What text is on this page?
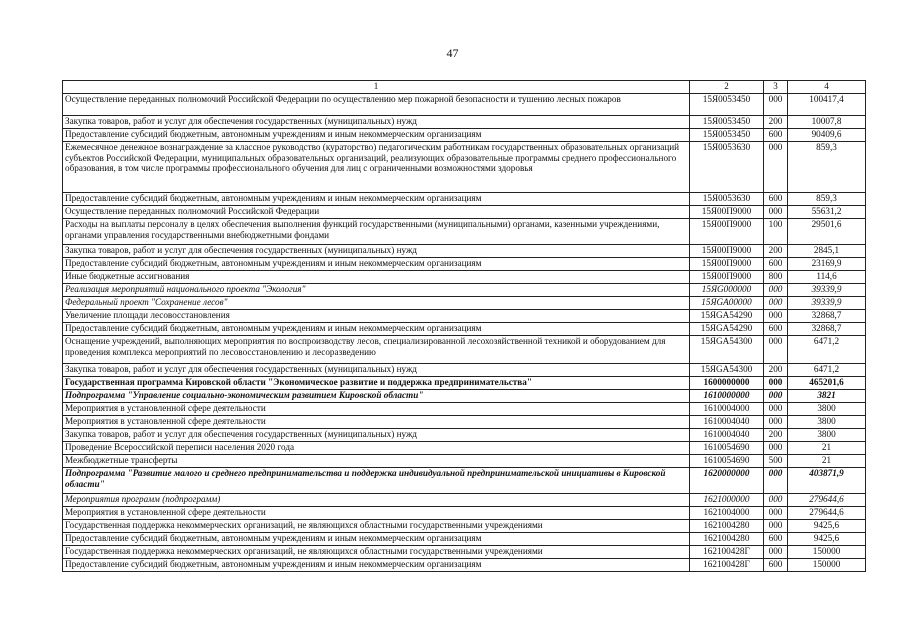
47
1	2	3	4
Осуществление переданных полномочий Российской Федерации по осуществлению мер пожарной безопасности и тушению лесных пожаров	15Я0053450	000	100417,4
Закупка товаров, работ и услуг для обеспечения государственных (муниципальных) нужд	15Я0053450	200	10007,8
Предоставление субсидий бюджетным, автономным учреждениям и иным некоммерческим организациям	15Я0053450	600	90409,6
Ежемесячное денежное вознаграждение за классное руководство (кураторство) педагогическим работникам государственных образовательных организаций субъектов Российской Федерации, муниципальных образовательных организаций, реализующих образовательные программы среднего профессионального образования, в том числе программы профессионального обучения для лиц с ограниченными возможностями здоровья	15Я0053630	000	859,3
Предоставление субсидий бюджетным, автономным учреждениям и иным некоммерческим организациям	15Я0053630	600	859,3
Осуществление переданных полномочий Российской Федерации	15Я00П9000	000	55631,2
Расходы на выплаты персоналу в целях обеспечения выполнения функций государственными (муниципальными) органами, казенными учреждениями, органами управления государственными внебюджетными фондами	15Я00П9000	100	29501,6
Закупка товаров, работ и услуг для обеспечения государственных (муниципальных) нужд	15Я00П9000	200	2845,1
Предоставление субсидий бюджетным, автономным учреждениям и иным некоммерческим организациям	15Я00П9000	600	23169,9
Иные бюджетные ассигнования	15Я00П9000	800	114,6
Реализация мероприятий национального проекта "Экология"	15ЯG000000	000	39339,9
Федеральный проект "Сохранение лесов"	15ЯGA00000	000	39339,9
Увеличение площади лесовосстановления	15ЯGA54290	000	32868,7
Предоставление субсидий бюджетным, автономным учреждениям и иным некоммерческим организациям	15ЯGA54290	600	32868,7
Оснащение учреждений, выполняющих мероприятия по воспроизводству лесов, специализированной лесохозяйственной техникой и оборудованием для проведения комплекса мероприятий по лесовосстановлению и лесоразведению	15ЯGA54300	000	6471,2
Закупка товаров, работ и услуг для обеспечения государственных (муниципальных) нужд	15ЯGA54300	200	6471,2
Государственная программа Кировской области "Экономическое развитие и поддержка предпринимательства"	1600000000	000	465201,6
Подпрограмма "Управление социально-экономическим развитием Кировской области"	1610000000	000	3821
Мероприятия в установленной сфере деятельности	1610004000	000	3800
Мероприятия в установленной сфере деятельности	1610004040	000	3800
Закупка товаров, работ и услуг для обеспечения государственных (муниципальных) нужд	1610004040	200	3800
Проведение Всероссийской переписи населения 2020 года	1610054690	000	21
Межбюджетные трансферты	1610054690	500	21
Подпрограмма "Развитие малого и среднего предпринимательства и поддержка индивидуальной предпринимательской инициативы в Кировской области"	1620000000	000	403871,9
Мероприятия программ (подпрограмм)	1621000000	000	279644,6
Мероприятия в установленной сфере деятельности	1621004000	000	279644,6
Государственная поддержка некоммерческих организаций, не являющихся областными государственными учреждениями	1621004280	000	9425,6
Предоставление субсидий бюджетным, автономным учреждениям и иным некоммерческим организациям	1621004280	600	9425,6
Государственная поддержка некоммерческих организаций, не являющихся областными государственными учреждениями	162100428Г	000	150000
Предоставление субсидий бюджетным, автономным учреждениям и иным некоммерческим организациям	162100428Г	600	150000
